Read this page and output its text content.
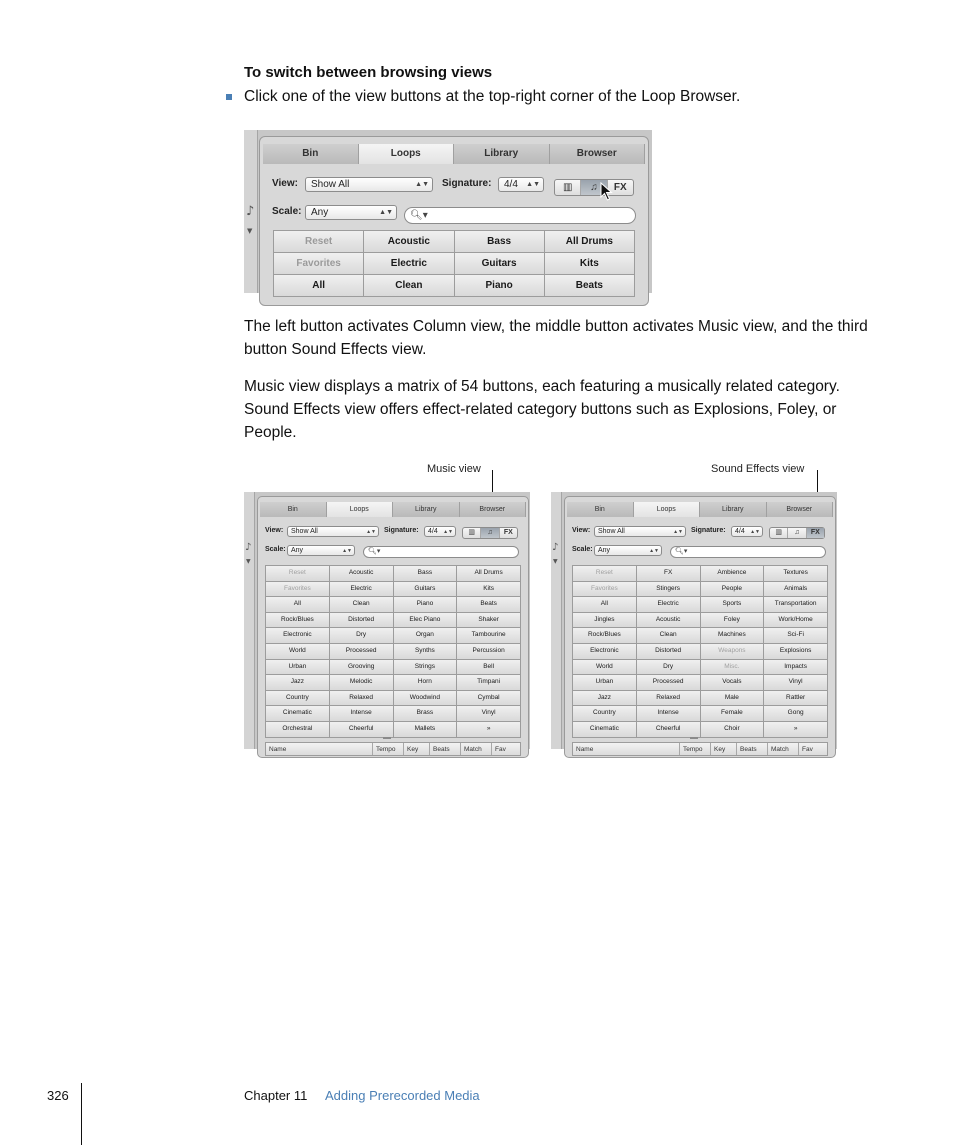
To switch between browsing views
Click one of the view buttons at the top-right corner of the Loop Browser.
♪
▼
Bin	Loops	Library	Browser
View:	Show All	▲▼ Signature:	4/4 ▲▼	▥	♫	FX
Scale: Any	▲▼	🔍︎▾
Reset	Acoustic	Bass	All Drums
Favorites	Electric	Guitars	Kits
All	Clean	Piano	Beats
The left button activates Column view, the middle button activates Music view, and the third button Sound Effects view.
Music view displays a matrix of 54 buttons, each featuring a musically related category. Sound Effects view offers effect-related category buttons such as Explosions, Foley, or People.
Music view	Sound Effects view
♪
▼
Bin	Loops	Library	Browser
View:	Show All	▲▼ Signature:	4/4 ▲▼	▥	♫	FX
Scale: Any	▲▼	🔍︎▾
Reset	Acoustic	Bass	All Drums
Favorites	Electric	Guitars	Kits
All	Clean	Piano	Beats
Rock/Blues	Distorted	Elec Piano	Shaker
Electronic	Dry	Organ	Tambourine
World	Processed	Synths	Percussion
Urban	Grooving	Strings	Bell
Jazz	Melodic	Horn	Timpani
Country	Relaxed	Woodwind	Cymbal
Cinematic	Intense	Brass	Vinyl
Orchestral	Cheerful	Mallets	»
Name	Tempo	Key	Beats	Match	Fav
♪
▼
Bin	Loops	Library	Browser
View:	Show All	▲▼ Signature:	4/4 ▲▼	▥	♫	FX
Scale: Any	▲▼	🔍︎▾
Reset	FX	Ambience	Textures
Favorites	Stingers	People	Animals
All	Electric	Sports	Transportation
Jingles	Acoustic	Foley	Work/Home
Rock/Blues	Clean	Machines	Sci-Fi
Electronic	Distorted	Weapons	Explosions
World	Dry	Misc.	Impacts
Urban	Processed	Vocals	Vinyl
Jazz	Relaxed	Male	Rattler
Country	Intense	Female	Gong
Cinematic	Cheerful	Choir	»
Name	Tempo	Key	Beats	Match	Fav
326	Chapter 11 Adding Prerecorded Media
